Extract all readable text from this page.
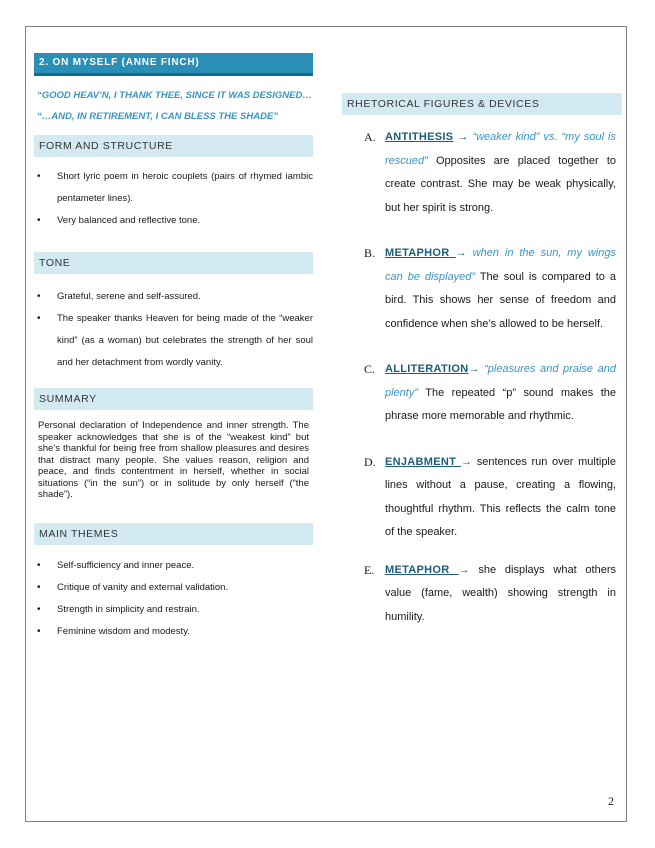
2. ON MYSELF (ANNE FINCH)
“GOOD HEAV’N, I THANK THEE, SINCE IT WAS DESIGNED…
“…AND, IN RETIREMENT, I CAN BLESS THE SHADE”
FORM AND STRUCTURE
• Short lyric poem in heroic couplets (pairs of rhymed iambic pentameter lines).
• Very balanced and reflective tone.
TONE
• Grateful, serene and self-assured.
• The speaker thanks Heaven for being made of the “weaker kind” (as a woman) but celebrates the strength of her soul and her detachment from wordly vanity.
SUMMARY
Personal declaration of Independence and inner strength. The speaker acknowledges that she is of the “weakest kind” but she’s thankful for being free from shallow pleasures and desires that distract many people. She values reason, religion and peace, and finds contentment in herself, whether in social situations (“in the sun”) or in solitude by only herself (“the shade”).
MAIN THEMES
• Self-sufficiency and inner peace.
• Critique of vanity and external validation.
• Strength in simplicity and restrain.
• Feminine wisdom and modesty.
RHETORICAL FIGURES & DEVICES
A. ANTITHESIS → “weaker kind” vs. “my soul is rescued” Opposites are placed together to create contrast. She may be weak physically, but her spirit is strong.
B. METAPHOR → when in the sun, my wings can be displayed” The soul is compared to a bird. This shows her sense of freedom and confidence when she’s allowed to be herself.
C. ALLITERATION→ “pleasures and praise and plenty” The repeated “p” sound makes the phrase more memorable and rhythmic.
D. ENJABMENT → sentences run over multiple lines without a pause, creating a flowing, thoughtful rhythm. This reflects the calm tone of the speaker.
E. METAPHOR → she displays what others value (fame, wealth) showing strength in humility.
2
